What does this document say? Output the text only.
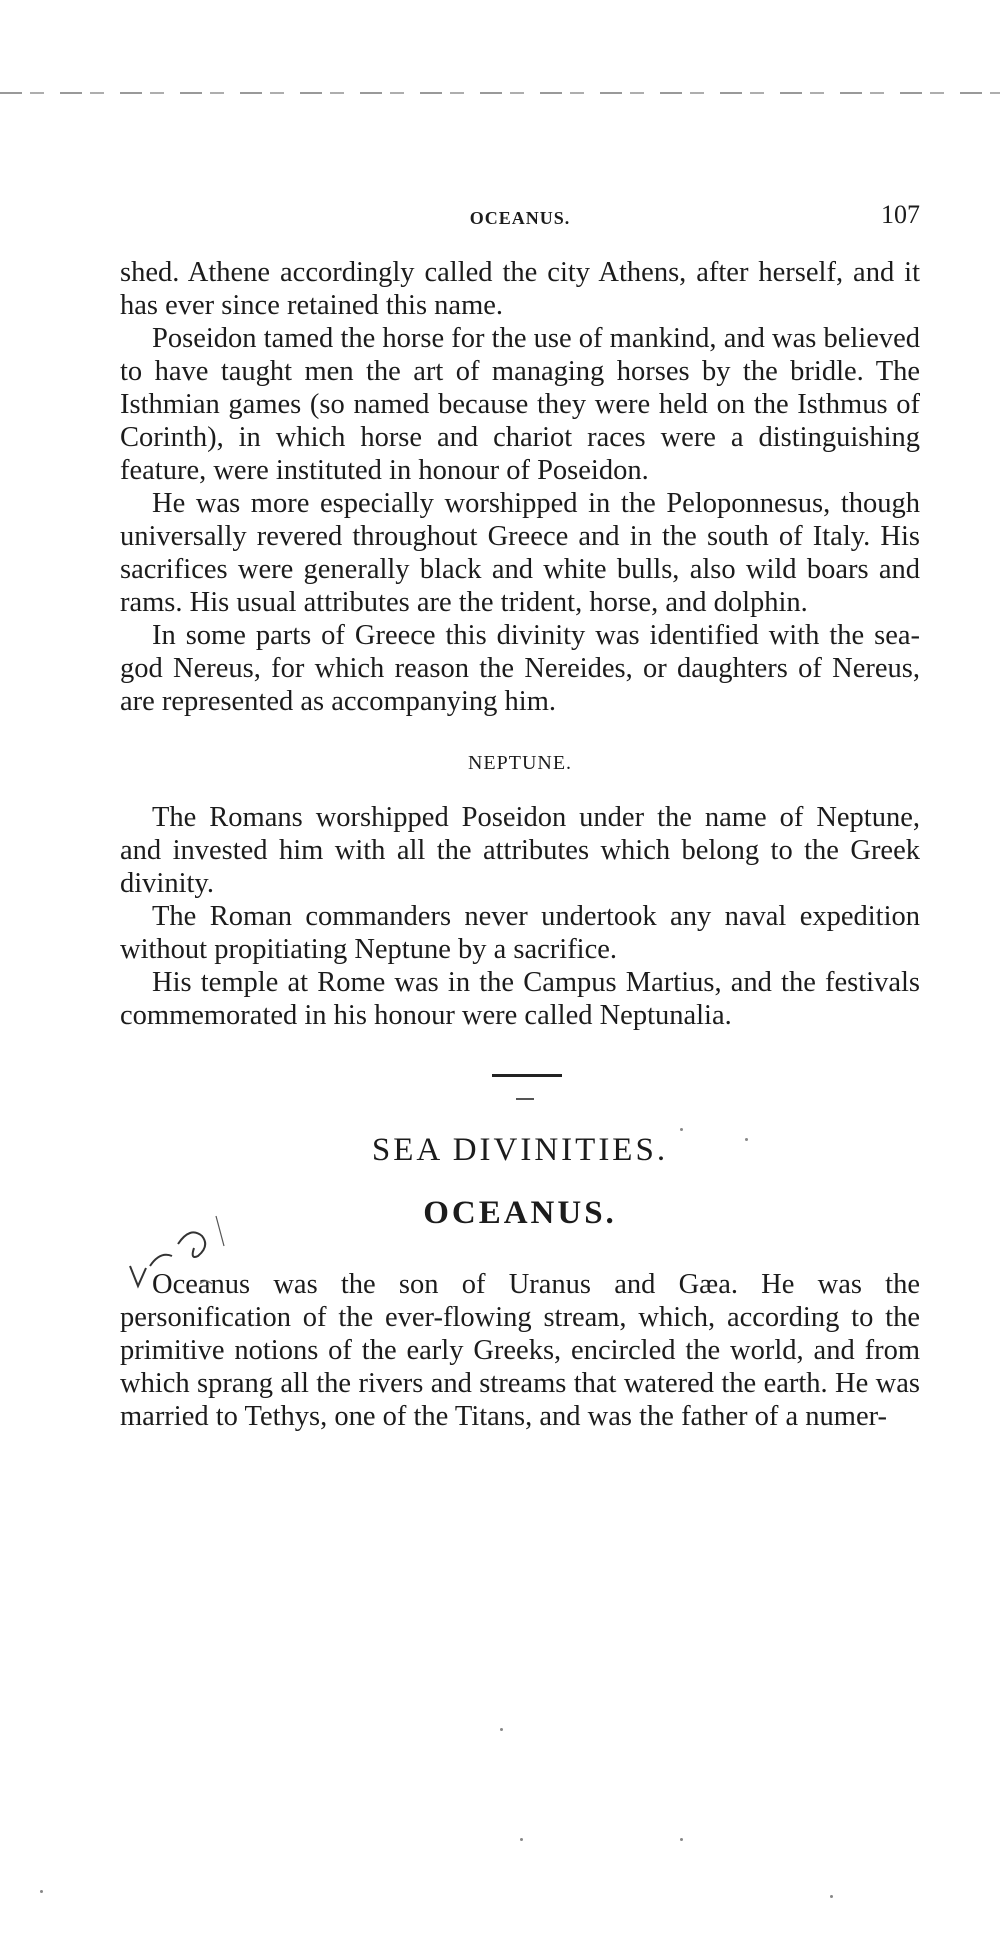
OCEANUS.	107

shed. Athene accordingly called the city Athens, after herself, and it has ever since retained this name.

Poseidon tamed the horse for the use of mankind, and was believed to have taught men the art of managing horses by the bridle. The Isthmian games (so named because they were held on the Isthmus of Corinth), in which horse and chariot races were a distinguishing feature, were instituted in honour of Poseidon.

He was more especially worshipped in the Peloponnesus, though universally revered throughout Greece and in the south of Italy. His sacrifices were generally black and white bulls, also wild boars and rams. His usual attributes are the trident, horse, and dolphin.

In some parts of Greece this divinity was identified with the sea-god Nereus, for which reason the Nereides, or daughters of Nereus, are represented as accompanying him.

NEPTUNE.

The Romans worshipped Poseidon under the name of Neptune, and invested him with all the attributes which belong to the Greek divinity.

The Roman commanders never undertook any naval expedition without propitiating Neptune by a sacrifice.

His temple at Rome was in the Campus Martius, and the festivals commemorated in his honour were called Neptunalia.

SEA DIVINITIES.
OCEANUS.

Oceanus was the son of Uranus and Gæa. He was the personification of the ever-flowing stream, which, according to the primitive notions of the early Greeks, encircled the world, and from which sprang all the rivers and streams that watered the earth. He was married to Tethys, one of the Titans, and was the father of a numer-
